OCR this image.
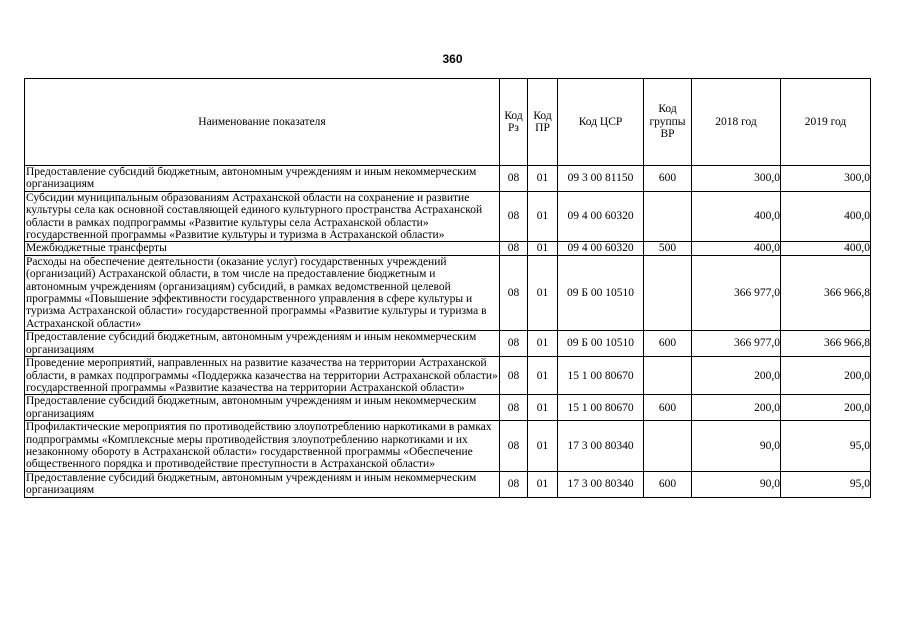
360
Наименование показателя	Код Рз	Код ПР	Код ЦСР	Код группы ВР	2018 год	2019 год
Предоставление субсидий бюджетным, автономным учреждениям и иным некоммерческим организациям	08	01	09 3 00 81150	600	300,0	300,0
Субсидии муниципальным образованиям Астраханской области на сохранение и развитие культуры села как основной составляющей единого культурного пространства Астраханской области в рамках подпрограммы «Развитие культуры села Астраханской области» государственной программы «Развитие культуры и туризма в Астраханской области»	08	01	09 4 00 60320		400,0	400,0
Межбюджетные трансферты	08	01	09 4 00 60320	500	400,0	400,0
Расходы на обеспечение деятельности (оказание услуг) государственных учреждений (организаций) Астраханской области, в том числе на предоставление бюджетным и автономным учреждениям (организациям) субсидий, в рамках ведомственной целевой программы «Повышение эффективности государственного управления в сфере культуры и туризма Астраханской области» государственной программы «Развитие культуры и туризма в Астраханской области»	08	01	09 Б 00 10510		366 977,0	366 966,8
Предоставление субсидий бюджетным, автономным учреждениям и иным некоммерческим организациям	08	01	09 Б 00 10510	600	366 977,0	366 966,8
Проведение мероприятий, направленных на развитие казачества на территории Астраханской области, в рамках подпрограммы «Поддержка казачества на территории Астраханской области» государственной программы «Развитие казачества на территории Астраханской области»	08	01	15 1 00 80670		200,0	200,0
Предоставление субсидий бюджетным, автономным учреждениям и иным некоммерческим организациям	08	01	15 1 00 80670	600	200,0	200,0
Профилактические мероприятия по противодействию злоупотреблению наркотиками в рамках подпрограммы «Комплексные меры противодействия злоупотреблению наркотиками и их незаконному обороту в Астраханской области» государственной программы «Обеспечение общественного порядка и противодействие преступности в Астраханской области»	08	01	17 3 00 80340		90,0	95,0
Предоставление субсидий бюджетным, автономным учреждениям и иным некоммерческим организациям	08	01	17 3 00 80340	600	90,0	95,0
